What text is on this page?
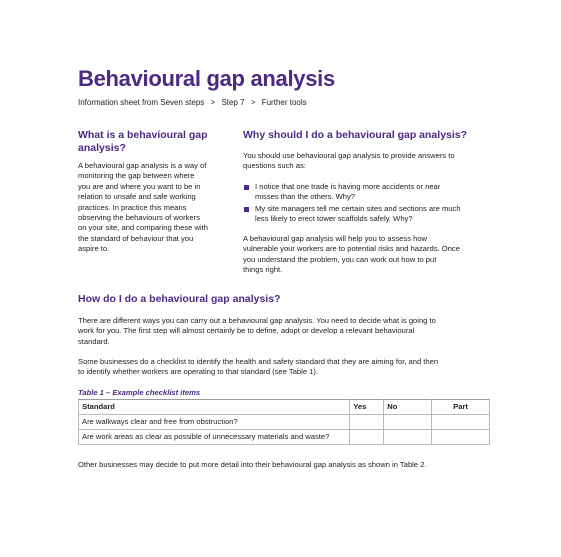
Behavioural gap analysis
Information sheet from Seven steps > Step 7 > Further tools
What is a behavioural gap
analysis?
A behavioural gap analysis is a way of
monitoring the gap between where
you are and where you want to be in
relation to unsafe and safe working
practices. In practice this means
observing the behaviours of workers
on your site, and comparing these with
the standard of behaviour that you
aspire to.
Why should I do a behavioural gap analysis?
You should use behavioural gap analysis to provide answers to
questions such as:
I notice that one trade is having more accidents or near
misses than the others. Why?
My site managers tell me certain sites and sections are much
less likely to erect tower scaffolds safely. Why?
A behavioural gap analysis will help you to assess how
vulnerable your workers are to potential risks and hazards. Once
you understand the problem, you can work out how to put
things right.
How do I do a behavioural gap analysis?
There are different ways you can carry out a behavioural gap analysis. You need to decide what is going to
work for you. The first step will almost certainly be to define, adopt or develop a relevant behavioural
standard.
Some businesses do a checklist to identify the health and safety standard that they are aiming for, and then
to identify whether workers are operating to that standard (see Table 1).
Table 1 – Example checklist items
Standard	Yes	No	Part
Are walkways clear and free from obstruction?			
Are work areas as clear as possible of unnecessary materials and waste?			
Other businesses may decide to put more detail into their behavioural gap analysis as shown in Table 2.
